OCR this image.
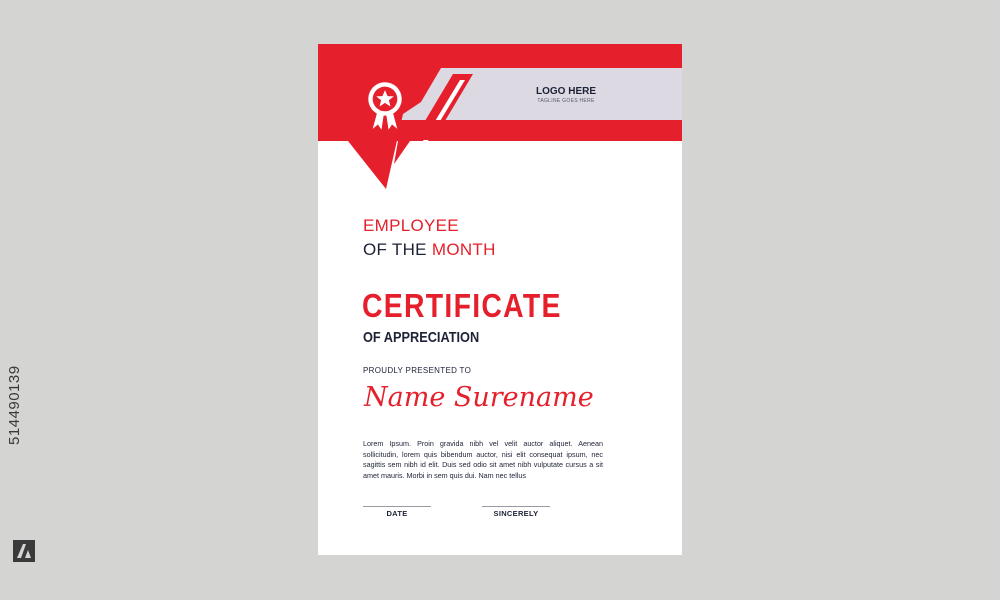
514490139
LOGO HERE
TAGLINE GOES HERE
EMPLOYEE
OF THE MONTH
CERTIFICATE
OF APPRECIATION
PROUDLY PRESENTED TO
Name Surename
Lorem Ipsum. Proin gravida nibh vel velit auctor aliquet. Aenean sollicitudin, lorem quis bibendum auctor, nisi elit consequat ipsum, nec sagittis sem nibh id elit. Duis sed odio sit amet nibh vulputate cursus a sit amet mauris. Morbi in sem quis dui. Nam nec tellus
DATE	SINCERELY
